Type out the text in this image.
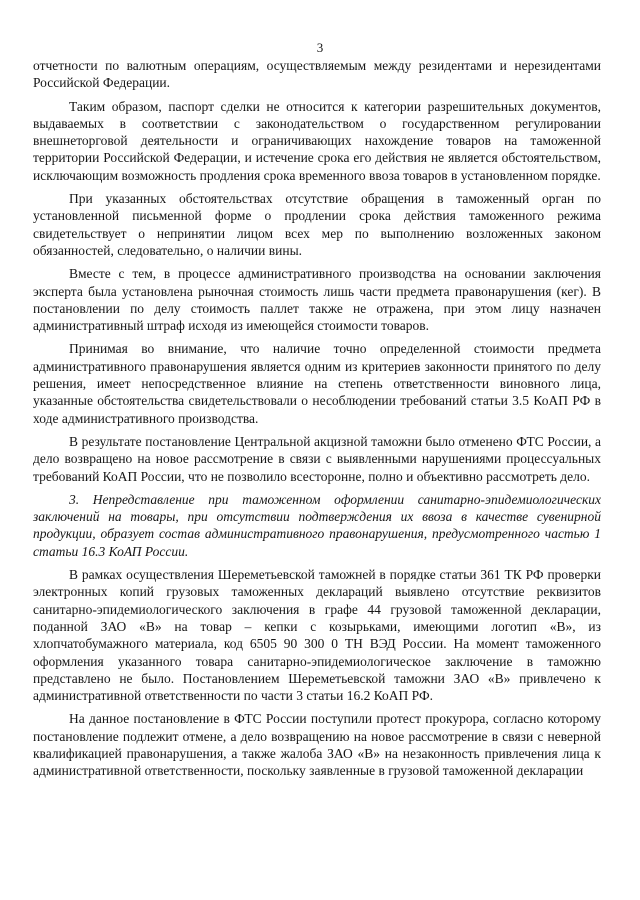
3

отчетности по валютным операциям, осуществляемым между резидентами и нерезидентами Российской Федерации.

Таким образом, паспорт сделки не относится к категории разрешительных документов, выдаваемых в соответствии с законодательством о государственном регулировании внешнеторговой деятельности и ограничивающих нахождение товаров на таможенной территории Российской Федерации, и истечение срока его действия не является обстоятельством, исключающим возможность продления срока временного ввоза товаров в установленном порядке.

При указанных обстоятельствах отсутствие обращения в таможенный орган по установленной письменной форме о продлении срока действия таможенного режима свидетельствует о непринятии лицом всех мер по выполнению возложенных законом обязанностей, следовательно, о наличии вины.

Вместе с тем, в процессе административного производства на основании заключения эксперта была установлена рыночная стоимость лишь части предмета правонарушения (кег). В постановлении по делу стоимость паллет также не отражена, при этом лицу назначен административный штраф исходя из имеющейся стоимости товаров.

Принимая во внимание, что наличие точно определенной стоимости предмета административного правонарушения является одним из критериев законности принятого по делу решения, имеет непосредственное влияние на степень ответственности виновного лица, указанные обстоятельства свидетельствовали о несоблюдении требований статьи 3.5 КоАП РФ в ходе административного производства.

В результате постановление Центральной акцизной таможни было отменено ФТС России, а дело возвращено на новое рассмотрение в связи с выявленными нарушениями процессуальных требований КоАП России, что не позволило всесторонне, полно и объективно рассмотреть дело.

3. Непредставление при таможенном оформлении санитарно-эпидемиологических заключений на товары, при отсутствии подтверждения их ввоза в качестве сувенирной продукции, образует состав административного правонарушения, предусмотренного частью 1 статьи 16.3 КоАП России.

В рамках осуществления Шереметьевской таможней в порядке статьи 361 ТК РФ проверки электронных копий грузовых таможенных деклараций выявлено отсутствие реквизитов санитарно-эпидемиологического заключения в графе 44 грузовой таможенной декларации, поданной ЗАО «В» на товар – кепки с козырьками, имеющими логотип «В», из хлопчатобумажного материала, код 6505 90 300 0 ТН ВЭД России. На момент таможенного оформления указанного товара санитарно-эпидемиологическое заключение в таможню представлено не было. Постановлением Шереметьевской таможни ЗАО «В» привлечено к административной ответственности по части 3 статьи 16.2 КоАП РФ.

На данное постановление в ФТС России поступили протест прокурора, согласно которому постановление подлежит отмене, а дело возвращению на новое рассмотрение в связи с неверной квалификацией правонарушения, а также жалоба ЗАО «В» на незаконность привлечения лица к административной ответственности, поскольку заявленные в грузовой таможенной декларации
